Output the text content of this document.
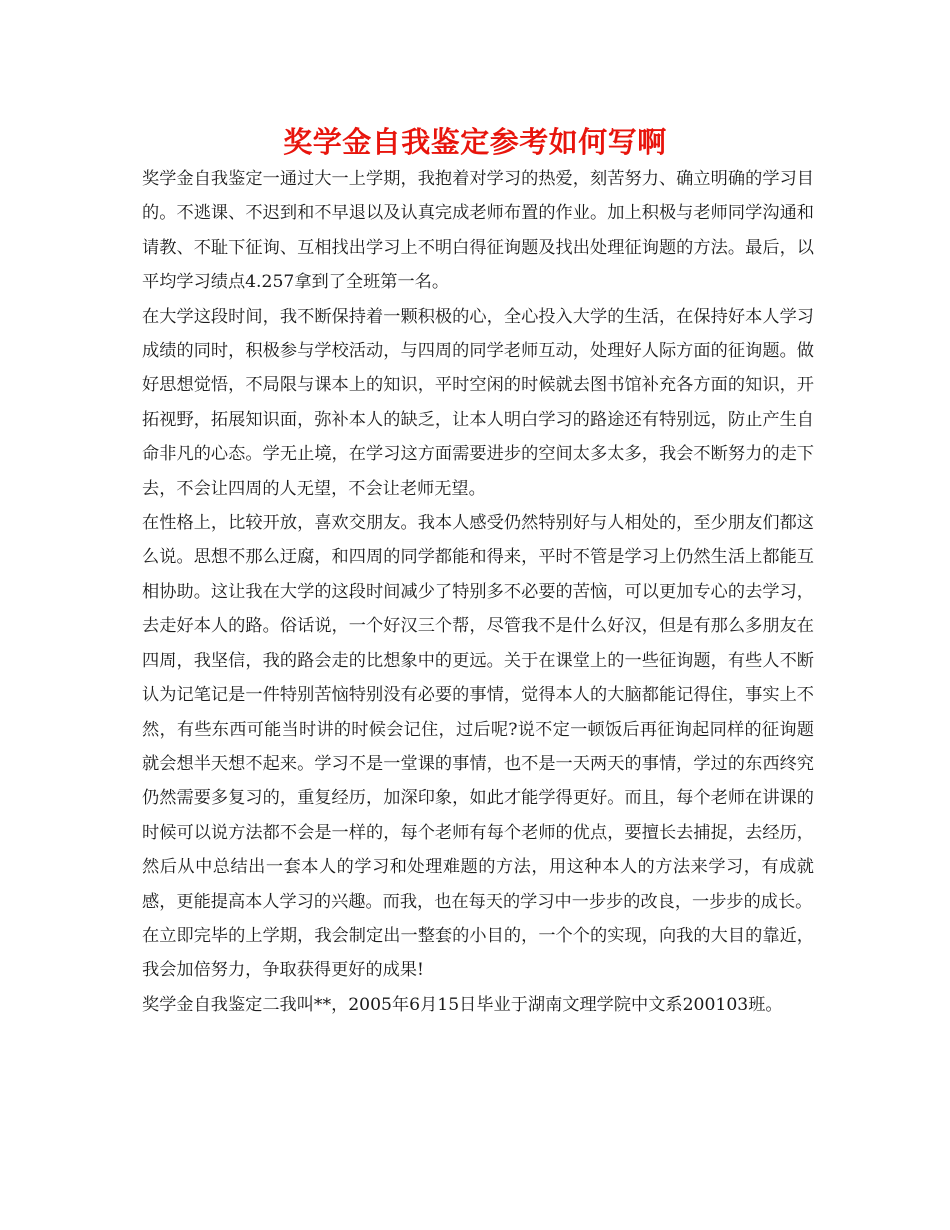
奖学金自我鉴定参考如何写啊

奖学金自我鉴定一通过大一上学期，我抱着对学习的热爱，刻苦努力、确立明确的学习目的。不逃课、不迟到和不早退以及认真完成老师布置的作业。加上积极与老师同学沟通和请教、不耻下征询、互相找出学习上不明白得征询题及找出处理征询题的方法。最后，以平均学习绩点4.257拿到了全班第一名。

在大学这段时间，我不断保持着一颗积极的心，全心投入大学的生活，在保持好本人学习成绩的同时，积极参与学校活动，与四周的同学老师互动，处理好人际方面的征询题。做好思想觉悟，不局限与课本上的知识，平时空闲的时候就去图书馆补充各方面的知识，开拓视野，拓展知识面，弥补本人的缺乏，让本人明白学习的路途还有特别远，防止产生自命非凡的心态。学无止境，在学习这方面需要进步的空间太多太多，我会不断努力的走下去，不会让四周的人无望，不会让老师无望。

在性格上，比较开放，喜欢交朋友。我本人感受仍然特别好与人相处的，至少朋友们都这么说。思想不那么迂腐，和四周的同学都能和得来，平时不管是学习上仍然生活上都能互相协助。这让我在大学的这段时间减少了特别多不必要的苦恼，可以更加专心的去学习，去走好本人的路。俗话说，一个好汉三个帮，尽管我不是什么好汉，但是有那么多朋友在四周，我坚信，我的路会走的比想象中的更远。关于在课堂上的一些征询题，有些人不断认为记笔记是一件特别苦恼特别没有必要的事情，觉得本人的大脑都能记得住，事实上不然，有些东西可能当时讲的时候会记住，过后呢?说不定一顿饭后再征询起同样的征询题就会想半天想不起来。学习不是一堂课的事情，也不是一天两天的事情，学过的东西终究仍然需要多复习的，重复经历，加深印象，如此才能学得更好。而且，每个老师在讲课的时候可以说方法都不会是一样的，每个老师有每个老师的优点，要擅长去捕捉，去经历，然后从中总结出一套本人的学习和处理难题的方法，用这种本人的方法来学习，有成就感，更能提高本人学习的兴趣。而我，也在每天的学习中一步步的改良，一步步的成长。

在立即完毕的上学期，我会制定出一整套的小目的，一个个的实现，向我的大目的靠近，我会加倍努力，争取获得更好的成果!

奖学金自我鉴定二我叫**，2005年6月15日毕业于湖南文理学院中文系200103班。
